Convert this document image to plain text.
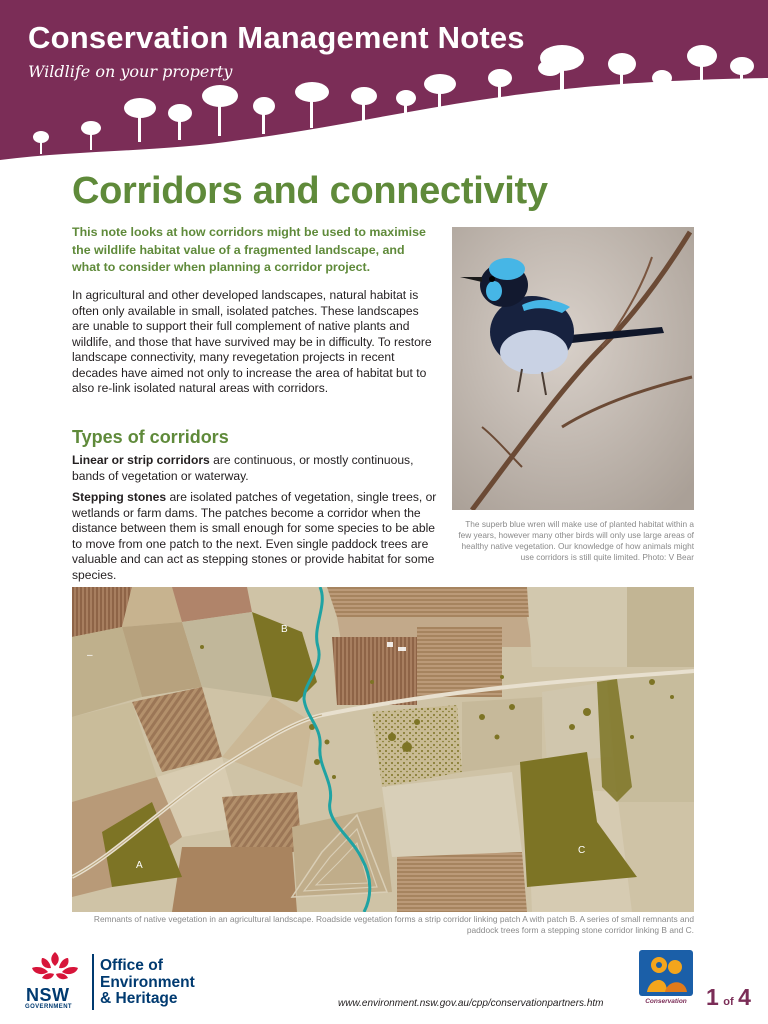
Conservation Management Notes
Wildlife on your property
Corridors and connectivity

This note looks at how corridors might be used to maximise the wildlife habitat value of a fragmented landscape, and what to consider when planning a corridor project.

In agricultural and other developed landscapes, natural habitat is often only available in small, isolated patches. These landscapes are unable to support their full complement of native plants and wildlife, and those that have survived may be in difficulty. To restore landscape connectivity, many revegetation projects in recent decades have aimed not only to increase the area of habitat but to also re-link isolated natural areas with corridors.

Types of corridors

Linear or strip corridors are continuous, or mostly continuous, bands of vegetation or waterway.

Stepping stones are isolated patches of vegetation, single trees, or wetlands or farm dams. The patches become a corridor when the distance between them is small enough for some species to be able to move from one patch to the next. Even single paddock trees are valuable and can act as stepping stones or provide habitat for some species.

The superb blue wren will make use of planted habitat within a few years, however many other birds will only use large areas of healthy native vegetation. Our knowledge of how animals might use corridors is still quite limited. Photo: V Bear
–
B
A
C
Remnants of native vegetation in an agricultural landscape. Roadside vegetation forms a strip corridor linking patch A with patch B. A series of small remnants and paddock trees form a stepping stone corridor linking B and C.
NSW
GOVERNMENT
Office of
Environment
& Heritage	www.environment.nsw.gov.au/cpp/conservationpartners.htm	Conservation 1 of 4
